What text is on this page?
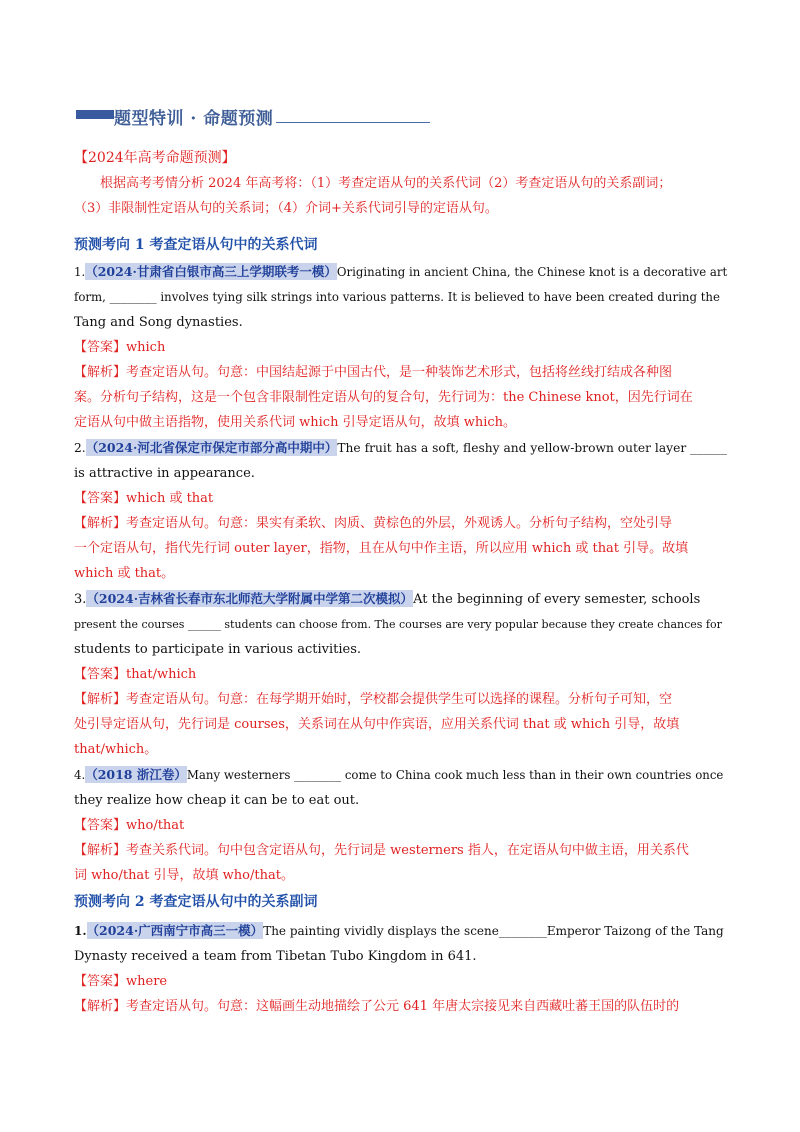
题型特训 · 命题预测
【2024年高考命题预测】
根据高考考情分析 2024 年高考将：（1）考查定语从句的关系代词（2）考查定语从句的关系副词；
（3）非限制性定语从句的关系词；（4）介词+关系代词引导的定语从句。
预测考向 1 考查定语从句中的关系代词
1.（2024·甘肃省白银市高三上学期联考一模）Originating in ancient China, the Chinese knot is a decorative art
form, ________ involves tying silk strings into various patterns. It is believed to have been created during the
Tang and Song dynasties.
【答案】which
【解析】考查定语从句。句意：中国结起源于中国古代，是一种装饰艺术形式，包括将丝线打结成各种图
案。分析句子结构，这是一个包含非限制性定语从句的复合句，先行词为：the Chinese knot，因先行词在
定语从句中做主语指物，使用关系代词 which 引导定语从句，故填 which。
2.（2024·河北省保定市保定市部分高中期中）The fruit has a soft, fleshy and yellow-brown outer layer ______
is attractive in appearance.
【答案】which 或 that
【解析】考查定语从句。句意：果实有柔软、肉质、黄棕色的外层，外观诱人。分析句子结构，空处引导
一个定语从句，指代先行词 outer layer，指物，且在从句中作主语，所以应用 which 或 that 引导。故填
which 或 that。
3.（2024·吉林省长春市东北师范大学附属中学第二次模拟）At the beginning of every semester, schools
present the courses ______ students can choose from. The courses are very popular because they create chances for
students to participate in various activities.
【答案】that/which
【解析】考查定语从句。句意：在每学期开始时，学校都会提供学生可以选择的课程。分析句子可知，空
处引导定语从句，先行词是 courses，关系词在从句中作宾语，应用关系代词 that 或 which 引导，故填
that/which。
4.（2018 浙江卷）Many westerners ________ come to China cook much less than in their own countries once
they realize how cheap it can be to eat out.
【答案】who/that
【解析】考查关系代词。句中包含定语从句，先行词是 westerners 指人，在定语从句中做主语，用关系代
词 who/that 引导，故填 who/that。
预测考向 2 考查定语从句中的关系副词
1.（2024·广西南宁市高三一模）The painting vividly displays the scene________Emperor Taizong of the Tang
Dynasty received a team from Tibetan Tubo Kingdom in 641.
【答案】where
【解析】考查定语从句。句意：这幅画生动地描绘了公元 641 年唐太宗接见来自西藏吐蕃王国的队伍时的
